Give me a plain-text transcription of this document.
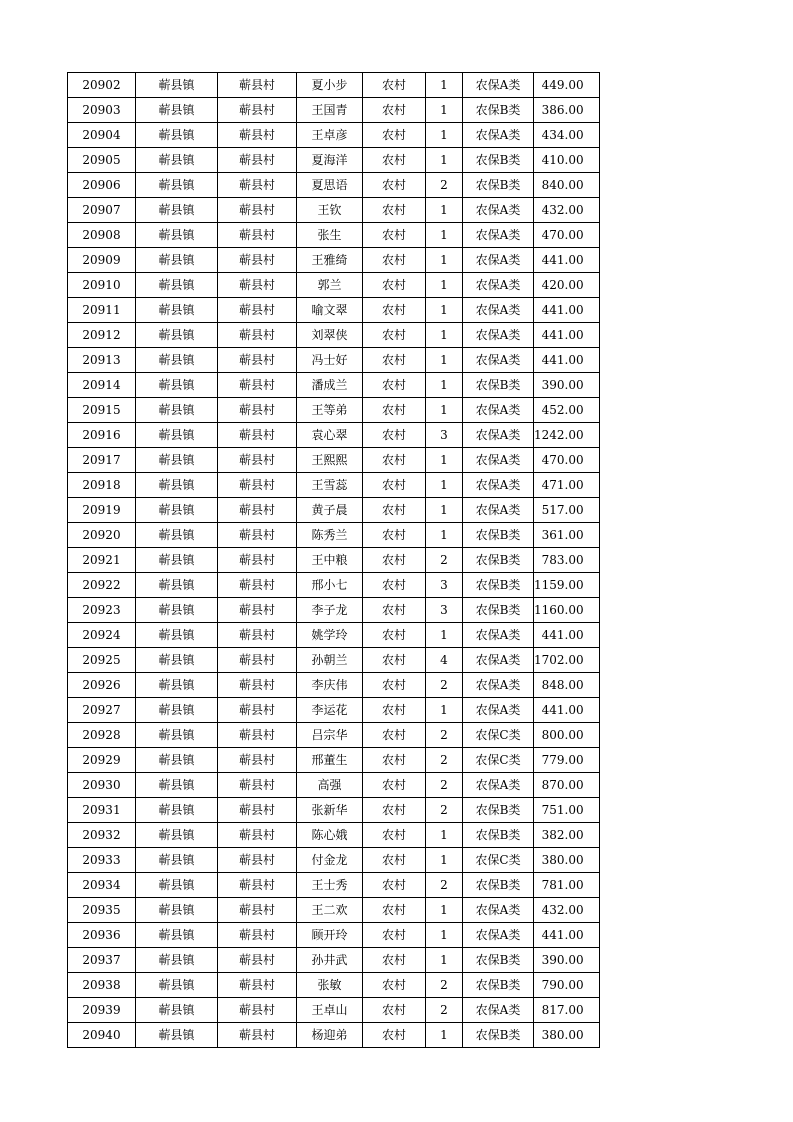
20902	蕲县镇	蕲县村	夏小步	农村	1	农保A类	449.00
20903	蕲县镇	蕲县村	王国青	农村	1	农保B类	386.00
20904	蕲县镇	蕲县村	王卓彦	农村	1	农保A类	434.00
20905	蕲县镇	蕲县村	夏海洋	农村	1	农保B类	410.00
20906	蕲县镇	蕲县村	夏思语	农村	2	农保B类	840.00
20907	蕲县镇	蕲县村	王钦	农村	1	农保A类	432.00
20908	蕲县镇	蕲县村	张生	农村	1	农保A类	470.00
20909	蕲县镇	蕲县村	王雅绮	农村	1	农保A类	441.00
20910	蕲县镇	蕲县村	郭兰	农村	1	农保A类	420.00
20911	蕲县镇	蕲县村	喻文翠	农村	1	农保A类	441.00
20912	蕲县镇	蕲县村	刘翠侠	农村	1	农保A类	441.00
20913	蕲县镇	蕲县村	冯士好	农村	1	农保A类	441.00
20914	蕲县镇	蕲县村	潘成兰	农村	1	农保B类	390.00
20915	蕲县镇	蕲县村	王等弟	农村	1	农保A类	452.00
20916	蕲县镇	蕲县村	袁心翠	农村	3	农保A类	1242.00
20917	蕲县镇	蕲县村	王熙熙	农村	1	农保A类	470.00
20918	蕲县镇	蕲县村	王雪蕊	农村	1	农保A类	471.00
20919	蕲县镇	蕲县村	黄子晨	农村	1	农保A类	517.00
20920	蕲县镇	蕲县村	陈秀兰	农村	1	农保B类	361.00
20921	蕲县镇	蕲县村	王中粮	农村	2	农保B类	783.00
20922	蕲县镇	蕲县村	邢小七	农村	3	农保B类	1159.00
20923	蕲县镇	蕲县村	李子龙	农村	3	农保B类	1160.00
20924	蕲县镇	蕲县村	姚学玲	农村	1	农保A类	441.00
20925	蕲县镇	蕲县村	孙朝兰	农村	4	农保A类	1702.00
20926	蕲县镇	蕲县村	李庆伟	农村	2	农保A类	848.00
20927	蕲县镇	蕲县村	李运花	农村	1	农保A类	441.00
20928	蕲县镇	蕲县村	吕宗华	农村	2	农保C类	800.00
20929	蕲县镇	蕲县村	邢董生	农村	2	农保C类	779.00
20930	蕲县镇	蕲县村	高强	农村	2	农保A类	870.00
20931	蕲县镇	蕲县村	张新华	农村	2	农保B类	751.00
20932	蕲县镇	蕲县村	陈心娥	农村	1	农保B类	382.00
20933	蕲县镇	蕲县村	付金龙	农村	1	农保C类	380.00
20934	蕲县镇	蕲县村	王士秀	农村	2	农保B类	781.00
20935	蕲县镇	蕲县村	王二欢	农村	1	农保A类	432.00
20936	蕲县镇	蕲县村	顾开玲	农村	1	农保A类	441.00
20937	蕲县镇	蕲县村	孙井武	农村	1	农保B类	390.00
20938	蕲县镇	蕲县村	张敏	农村	2	农保B类	790.00
20939	蕲县镇	蕲县村	王卓山	农村	2	农保A类	817.00
20940	蕲县镇	蕲县村	杨迎弟	农村	1	农保B类	380.00
